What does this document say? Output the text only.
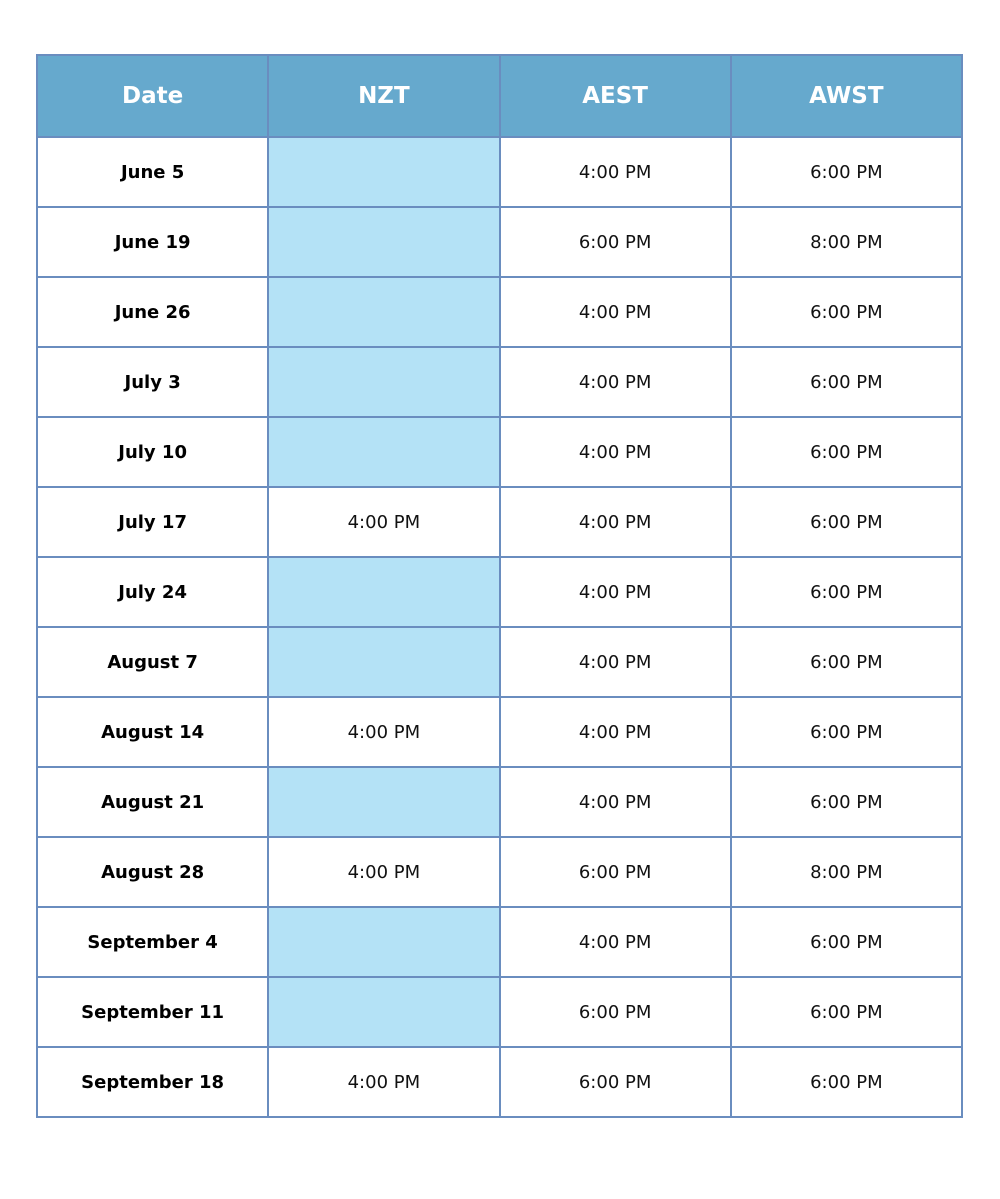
Date	NZT	AEST	AWST
June 5		4:00 PM	6:00 PM
June 19		6:00 PM	8:00 PM
June 26		4:00 PM	6:00 PM
July 3		4:00 PM	6:00 PM
July 10		4:00 PM	6:00 PM
July 17	4:00 PM	4:00 PM	6:00 PM
July 24		4:00 PM	6:00 PM
August 7		4:00 PM	6:00 PM
August 14	4:00 PM	4:00 PM	6:00 PM
August 21		4:00 PM	6:00 PM
August 28	4:00 PM	6:00 PM	8:00 PM
September 4		4:00 PM	6:00 PM
September 11		6:00 PM	6:00 PM
September 18	4:00 PM	6:00 PM	6:00 PM
